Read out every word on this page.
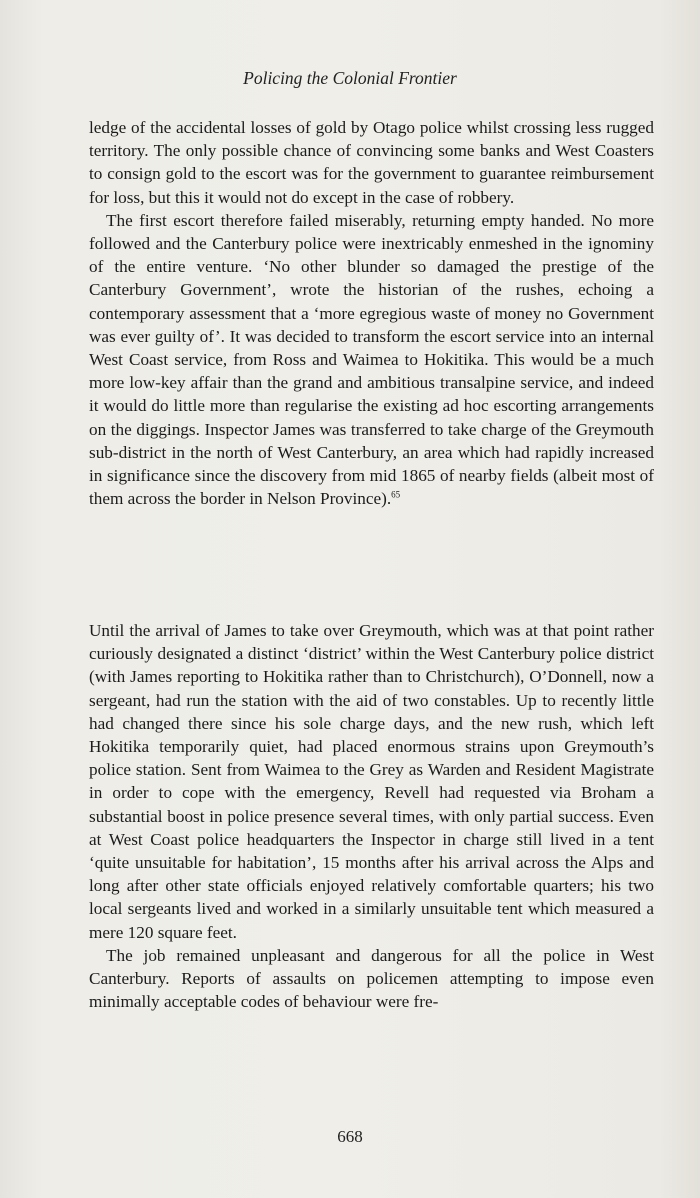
Policing the Colonial Frontier

ledge of the accidental losses of gold by Otago police whilst crossing less rugged territory. The only possible chance of convincing some banks and West Coasters to consign gold to the escort was for the government to guarantee reimbursement for loss, but this it would not do except in the case of robbery.

The first escort therefore failed miserably, returning empty handed. No more followed and the Canterbury police were inextricably enmeshed in the ignominy of the entire venture. ‘No other blunder so damaged the prestige of the Canterbury Government’, wrote the historian of the rushes, echoing a contemporary assessment that a ‘more egregious waste of money no Government was ever guilty of’. It was decided to transform the escort service into an internal West Coast service, from Ross and Waimea to Hokitika. This would be a much more low-key affair than the grand and ambitious transalpine service, and indeed it would do little more than regularise the existing ad hoc escorting arrangements on the diggings. Inspector James was transferred to take charge of the Greymouth sub-district in the north of West Canterbury, an area which had rapidly increased in significance since the discovery from mid 1865 of nearby fields (albeit most of them across the border in Nelson Province).$^{65}$

Until the arrival of James to take over Greymouth, which was at that point rather curiously designated a distinct ‘district’ within the West Canterbury police district (with James reporting to Hokitika rather than to Christchurch), O’Donnell, now a sergeant, had run the station with the aid of two constables. Up to recently little had changed there since his sole charge days, and the new rush, which left Hokitika temporarily quiet, had placed enormous strains upon Greymouth’s police station. Sent from Waimea to the Grey as Warden and Resident Magistrate in order to cope with the emergency, Revell had requested via Broham a substantial boost in police presence several times, with only partial success. Even at West Coast police headquarters the Inspector in charge still lived in a tent ‘quite unsuitable for habitation’, 15 months after his arrival across the Alps and long after other state officials enjoyed relatively comfortable quarters; his two local sergeants lived and worked in a similarly unsuitable tent which measured a mere 120 square feet.

The job remained unpleasant and dangerous for all the police in West Canterbury. Reports of assaults on policemen attempting to impose even minimally acceptable codes of behaviour were fre-

668
